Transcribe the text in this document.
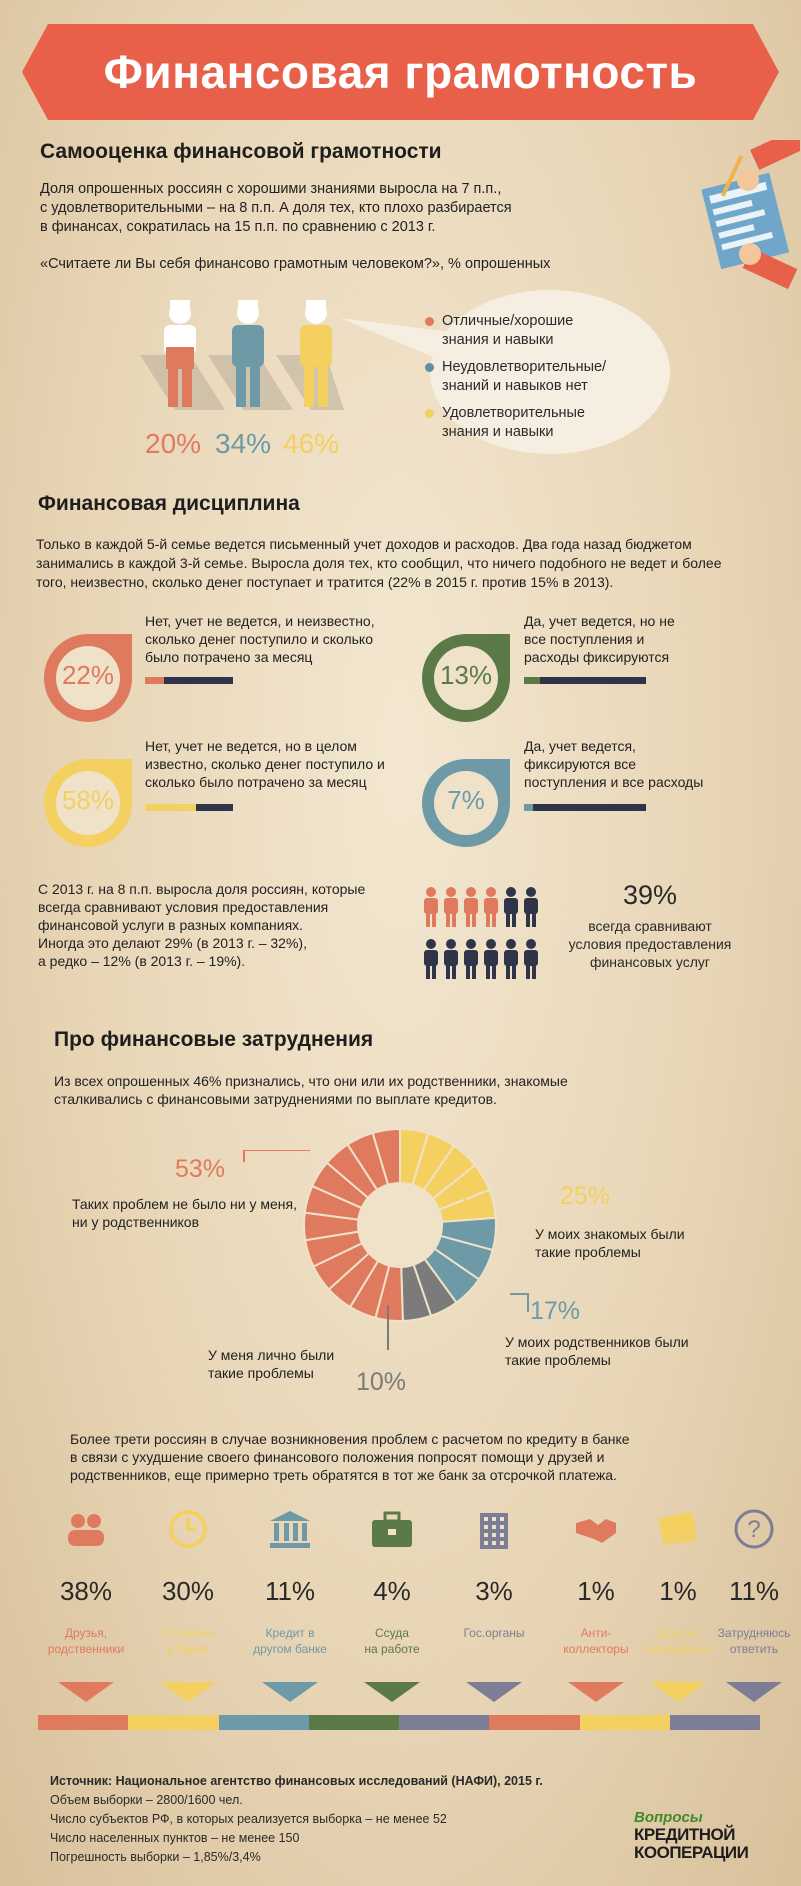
Финансовая грамотность
Самооценка финансовой грамотности
Доля опрошенных россиян с хорошими знаниями выросла на 7 п.п.,
с удовлетворительными – на 8 п.п. А доля тех, кто плохо разбирается
в финансах, сократилась на 15 п.п. по сравнению с 2013 г.
«Считаете ли Вы себя финансово грамотным человеком?», % опрошенных
20% 34% 46%
Отличные/хорошие
знания и навыки
Неудовлетворительные/
знаний и навыков нет
Удовлетворительные
знания и навыки
Финансовая дисциплина
Только в каждой 5-й семье ведется письменный учет доходов и расходов. Два года назад бюджетом
занимались в каждой 3-й семье. Выросла доля тех, кто сообщил, что ничего подобного не ведет и более
того, неизвестно, сколько денег поступает и тратится (22% в 2015 г. против 15% в 2013).
22%
Нет, учет не ведется, и неизвестно,
сколько денег поступило и сколько
было потрачено за месяц
13%
Да, учет ведется, но не
все поступления и
расходы фиксируются
58%
Нет, учет не ведется, но в целом
известно, сколько денег поступило и
сколько было потрачено за месяц
7%
Да, учет ведется,
фиксируются все
поступления и все расходы
С 2013 г. на 8 п.п. выросла доля россиян, которые
всегда сравнивают условия предоставления
финансовой услуги в разных компаниях.
Иногда это делают 29% (в 2013 г. – 32%),
а редко – 12% (в 2013 г. – 19%).
39%
всегда сравнивают
условия предоставления
финансовых услуг
Про финансовые затруднения
Из всех опрошенных 46% признались, что они или их родственники, знакомые
сталкивались с финансовыми затруднениями по выплате кредитов.
53%
Таких проблем не было ни у меня,
ни у родственников
25%
У моих знакомых были
такие проблемы
17%
У моих родственников были
такие проблемы
У меня лично были
такие проблемы	10%
Более трети россиян в случае возникновения проблем с расчетом по кредиту в банке
в связи с ухудшение своего финансового положения попросят помощи у друзей и
родственников, еще примерно треть обратятся в тот же банк за отсрочкой платежа.
38%
Друзья,
родственники
30%
Отсрочка
в банке
11%
Кредит в
другом банке
4%
Ссуда
на работе
3%
Гос.органы
1%
Анти-
коллекторы
1%
Другое
учреждение
?
11%
Затрудняюсь
ответить
Источник: Национальное агентство финансовых исследований (НАФИ), 2015 г.
Объем выборки – 2800/1600 чел.
Число субъектов РФ, в которых реализуется выборка – не менее 52
Число населенных пунктов – не менее 150
Погрешность выборки – 1,85%/3,4%
Вопросы
КРЕДИТНОЙ
КООПЕРАЦИИ
